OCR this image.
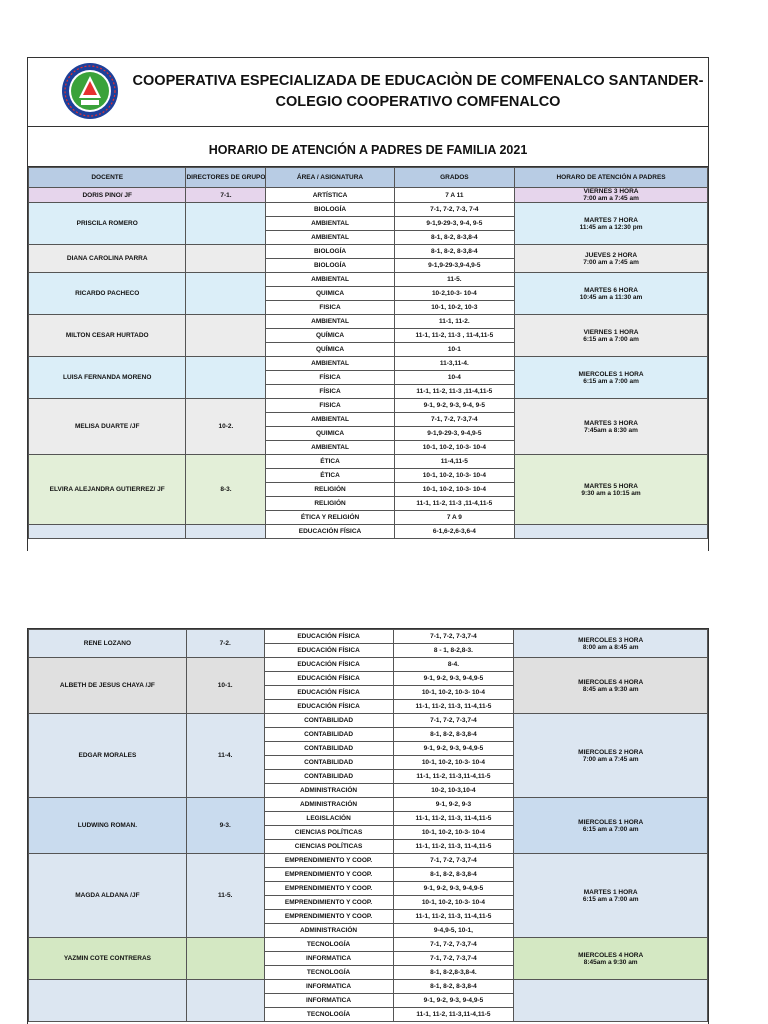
COOPERATIVA ESPECIALIZADA DE EDUCACIÒN DE COMFENALCO SANTANDER-
COLEGIO COOPERATIVO COMFENALCO
HORARIO DE ATENCIÓN A PADRES DE FAMILIA 2021
DOCENTE	DIRECTORES DE GRUPO	ÁREA / ASIGNATURA	GRADOS	HORARO DE ATENCIÓN A PADRES
DORIS PINO/ JF	7-1.	ARTÍSTICA	7 A 11	VIERNES 3 HORA
7:00 am a 7:45 am

PRISCILA ROMERO		BIOLOGÍA	7-1, 7-2, 7-3, 7-4	MARTES 7 HORA
11:45 am a 12:30 pm

		AMBIENTAL	9-1,9-29-3, 9-4, 9-5	
		AMBIENTAL	8-1, 8-2, 8-3,8-4	
DIANA CAROLINA PARRA		BIOLOGÍA	8-1, 8-2, 8-3,8-4	JUEVES 2 HORA
7:00 am a 7:45 am

		BIOLOGÍA	9-1,9-29-3,9-4,9-5	
RICARDO PACHECO		AMBIENTAL	11-5.	MARTES 6 HORA
10:45 am a 11:30 am

		QUIMICA	10-2,10-3- 10-4	
		FISICA	10-1, 10-2, 10-3	
MILTON CESAR HURTADO		AMBIENTAL	11-1, 11-2.	VIERNES 1 HORA
6:15 am a 7:00 am

		QUÍMICA	11-1, 11-2, 11-3 , 11-4,11-5	
		QUÍMICA	10-1	
LUISA FERNANDA MORENO		AMBIENTAL	11-3,11-4.	MIERCOLES 1 HORA
6:15 am a 7:00 am

		FÍSICA	10-4	
		FÍSICA	11-1, 11-2, 11-3 ,11-4,11-5	
MELISA DUARTE /JF	10-2.	FISICA	9-1, 9-2, 9-3, 9-4, 9-5	MARTES 3 HORA
7:45am a 8:30 am

		AMBIENTAL	7-1, 7-2, 7-3,7-4	
		QUIMICA	9-1,9-29-3, 9-4,9-5	
		AMBIENTAL	10-1, 10-2, 10-3- 10-4	
ELVIRA ALEJANDRA GUTIERREZ/ JF	8-3.	ÉTICA	11-4,11-5	MARTES 5 HORA
9:30 am a 10:15 am

		ÉTICA	10-1, 10-2, 10-3- 10-4	
		RELIGIÓN	10-1, 10-2, 10-3- 10-4	
		RELIGIÓN	11-1, 11-2, 11-3 ,11-4,11-5	
		ÉTICA Y RELIGIÓN	7 A 9	
		EDUCACIÓN FÍSICA	6-1,6-2,6-3,6-4	
RENE LOZANO	7-2.	EDUCACIÓN FÍSICA	7-1, 7-2, 7-3,7-4	MIERCOLES 3 HORA
8:00 am a 8:45 am

		EDUCACIÓN FÍSICA	8 - 1, 8-2,8-3.	
ALBETH DE JESUS CHAYA /JF	10-1.	EDUCACIÓN FÍSICA	8-4.	MIERCOLES 4 HORA
8:45 am a 9:30 am

		EDUCACIÓN FÍSICA	9-1, 9-2, 9-3, 9-4,9-5	
		EDUCACIÓN FÍSICA	10-1, 10-2, 10-3- 10-4	
		EDUCACIÓN FÍSICA	11-1, 11-2, 11-3, 11-4,11-5	
EDGAR MORALES	11-4.	CONTABILIDAD	7-1, 7-2, 7-3,7-4	MIERCOLES 2 HORA
7:00 am a 7:45 am

		CONTABILIDAD	8-1, 8-2, 8-3,8-4	
		CONTABILIDAD	9-1, 9-2, 9-3, 9-4,9-5	
		CONTABILIDAD	10-1, 10-2, 10-3- 10-4	
		CONTABILIDAD	11-1, 11-2, 11-3,11-4,11-5	
		ADMINISTRACIÓN	10-2, 10-3,10-4	
LUDWING ROMAN.	9-3.	ADMINISTRACIÓN	9-1, 9-2, 9-3	MIERCOLES 1 HORA
6:15 am a 7:00 am

		LEGISLACIÓN	11-1, 11-2, 11-3, 11-4,11-5	
		CIENCIAS POLÍTICAS	10-1, 10-2, 10-3- 10-4	
		CIENCIAS POLÍTICAS	11-1, 11-2, 11-3, 11-4,11-5	
MAGDA ALDANA /JF	11-5.	EMPRENDIMIENTO Y COOP.	7-1, 7-2, 7-3,7-4	MARTES 1 HORA
6:15 am a 7:00 am

		EMPRENDIMIENTO Y COOP.	8-1, 8-2, 8-3,8-4	
		EMPRENDIMIENTO Y COOP.	9-1, 9-2, 9-3, 9-4,9-5	
		EMPRENDIMIENTO Y COOP.	10-1, 10-2, 10-3- 10-4	
		EMPRENDIMIENTO Y COOP.	11-1, 11-2, 11-3, 11-4,11-5	
		ADMINISTRACIÓN	9-4,9-5, 10-1,	
YAZMIN COTE CONTRERAS		TECNOLOGÍA	7-1, 7-2, 7-3,7-4	MIERCOLES 4 HORA
8:45am a 9:30 am

		INFORMATICA	7-1, 7-2, 7-3,7-4	
		TECNOLOGÍA	8-1, 8-2,8-3,8-4.	
		INFORMATICA	8-1, 8-2, 8-3,8-4	

		INFORMATICA	9-1, 9-2, 9-3, 9-4,9-5	
		TECNOLOGÍA	11-1, 11-2, 11-3,11-4,11-5	
